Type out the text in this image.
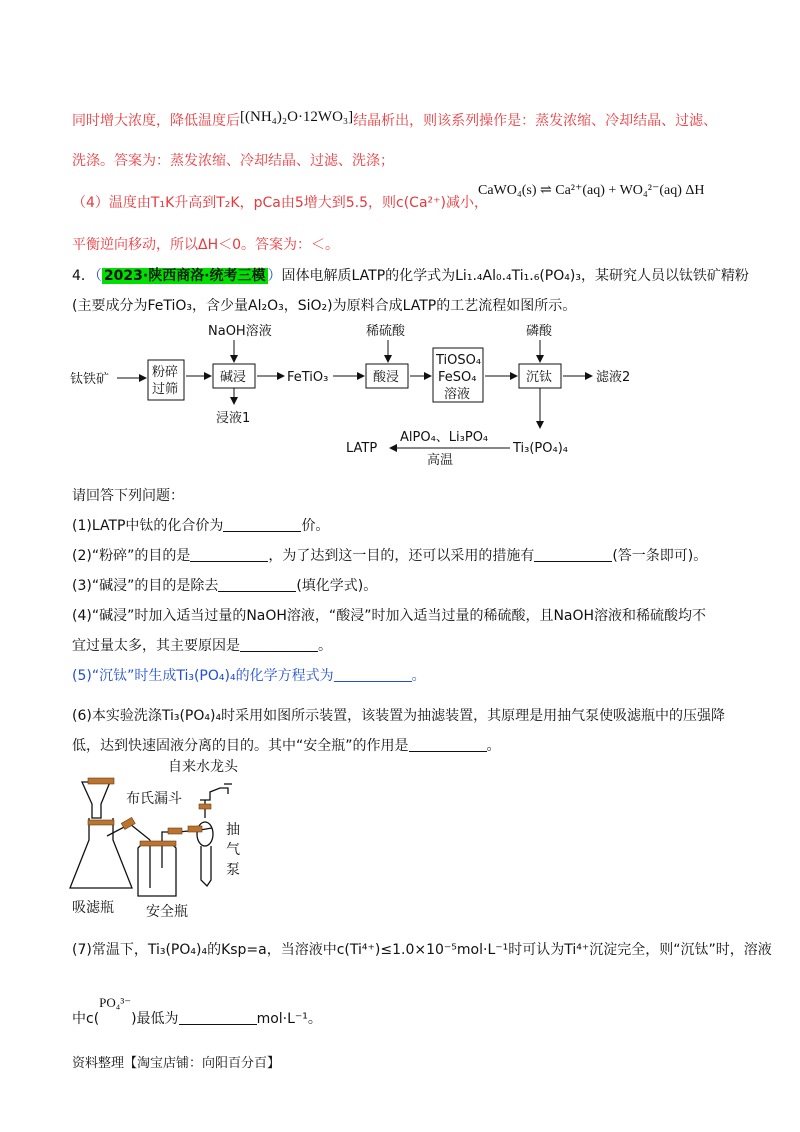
同时增大浓度，降低温度后[(NH₄)₂O·12WO₃]结晶析出，则该系列操作是：蒸发浓缩、冷却结晶、过滤、
洗涤。答案为：蒸发浓缩、冷却结晶、过滤、洗涤；
（4）温度由T₁K升高到T₂K，pCa由5增大到5.5，则c(Ca²⁺)减小，
CaWO₄(s) ⇌ Ca²⁺(aq) + WO₄²⁻(aq) ΔH
平衡逆向移动，所以ΔH＜0。答案为：＜。
4．（ 2023·陕西商洛·统考三模 ）固体电解质LATP的化学式为Li₁.₄Al₀.₄Ti₁.₆(PO₄)₃，某研究人员以钛铁矿精粉
(主要成分为FeTiO₃，含少量Al₂O₃，SiO₂)为原料合成LATP的工艺流程如图所示。
钛铁矿	粉碎
过筛
NaOH溶液
碱浸
浸液1
FeTiO₃
稀硫酸
酸浸
TiOSO₄
FeSO₄
溶液
磷酸
沉钛	滤液2
Ti₃(PO₄)₄
AlPO₄、Li₃PO₄
高温
LATP
请回答下列问题：
(1)LATP中钛的化合价为	价。
(2)“粉碎”的目的是	，为了达到这一目的，还可以采用的措施有	(答一条即可)。
(3)“碱浸”的目的是除去	(填化学式)。
(4)“碱浸”时加入适当过量的NaOH溶液，“酸浸”时加入适当过量的稀硫酸，且NaOH溶液和稀硫酸均不
宜过量太多，其主要原因是	。
(5)“沉钛”时生成Ti₃(PO₄)₄的化学方程式为	。
(6)本实验洗涤Ti₃(PO₄)₄时采用如图所示装置，该装置为抽滤装置，其原理是用抽气泵使吸滤瓶中的压强降
低，达到快速固液分离的目的。其中“安全瓶”的作用是	。
自来水龙头
布氏漏斗
抽
气
泵
吸滤瓶 安全瓶
(7)常温下，Ti₃(PO₄)₄的Ksp=a，当溶液中c(Ti⁴⁺)≤1.0×10⁻⁵mol·L⁻¹时可认为Ti⁴⁺沉淀完全，则“沉钛”时，溶液
中c(PO₄³⁻)最低为	mol·L⁻¹。
资料整理【淘宝店铺：向阳百分百】
